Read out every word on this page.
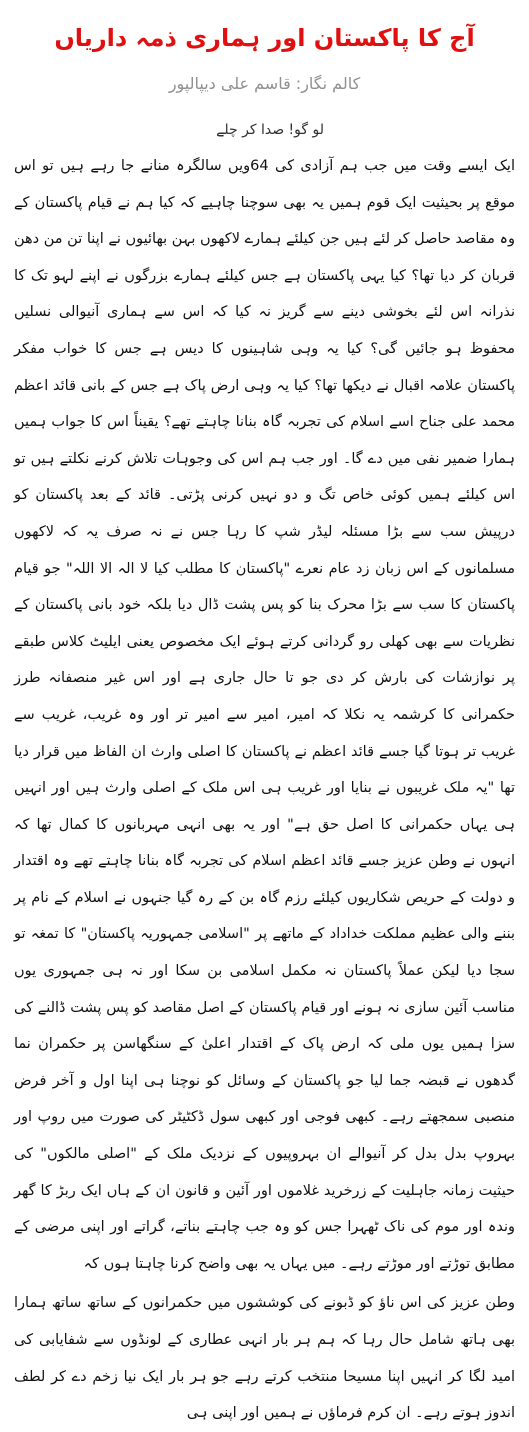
آج کا پاکستان اور ہماری ذمہ داریاں
کالم نگار: قاسم علی دیپالپور
لو گو! صدا کر چلے

ایک ایسے وقت میں جب ہم آزادی کی 64ویں سالگرہ منانے جا رہے ہیں تو اس موقع پر بحیثیت ایک قوم ہمیں یہ بھی سوچنا چاہیے کہ کیا ہم نے قیام پاکستان کے وہ مقاصد حاصل کر لئے ہیں جن کیلئے ہمارے لاکھوں بہن بھائیوں نے اپنا تن من دھن قربان کر دیا تھا؟ کیا یہی پاکستان ہے جس کیلئے ہمارے بزرگوں نے اپنے لہو تک کا نذرانہ اس لئے بخوشی دینے سے گریز نہ کیا کہ اس سے ہماری آنیوالی نسلیں محفوظ ہو جائیں گی؟ کیا یہ وہی شاہینوں کا دیس ہے جس کا خواب مفکر پاکستان علامہ اقبال نے دیکھا تھا؟ کیا یہ وہی ارض پاک ہے جس کے بانی قائد اعظم محمد علی جناح اسے اسلام کی تجربہ گاہ بنانا چاہتے تھے؟ یقیناً اس کا جواب ہمیں ہمارا ضمیر نفی میں دے گا۔ اور جب ہم اس کی وجوہات تلاش کرنے نکلتے ہیں تو اس کیلئے ہمیں کوئی خاص تگ و دو نہیں کرنی پڑتی۔ قائد کے بعد پاکستان کو درپیش سب سے بڑا مسئلہ لیڈر شپ کا رہا جس نے نہ صرف یہ کہ لاکھوں مسلمانوں کے اس زبان زد عام نعرے "پاکستان کا مطلب کیا لا الہ الا اللہ" جو قیام پاکستان کا سب سے بڑا محرک بنا کو پس پشت ڈال دیا بلکہ خود بانی پاکستان کے نظریات سے بھی کھلی رو گردانی کرتے ہوئے ایک مخصوص یعنی ایلیٹ کلاس طبقے پر نوازشات کی بارش کر دی جو تا حال جاری ہے اور اس غیر منصفانہ طرز حکمرانی کا کرشمہ یہ نکلا کہ امیر، امیر سے امیر تر اور وہ غریب، غریب سے غریب تر ہوتا گیا جسے قائد اعظم نے پاکستان کا اصلی وارث ان الفاظ میں قرار دیا تھا "یہ ملک غریبوں نے بنایا اور غریب ہی اس ملک کے اصلی وارث ہیں اور انہیں ہی یہاں حکمرانی کا اصل حق ہے" اور یہ بھی انہی مہربانوں کا کمال تھا کہ انہوں نے وطن عزیز جسے قائد اعظم اسلام کی تجربہ گاہ بنانا چاہتے تھے وہ اقتدار و دولت کے حریص شکاریوں کیلئے رزم گاہ بن کے رہ گیا جنہوں نے اسلام کے نام پر بننے والی عظیم مملکت خداداد کے ماتھے پر "اسلامی جمہوریہ پاکستان" کا تمغہ تو سجا دیا لیکن عملاً پاکستان نہ مکمل اسلامی بن سکا اور نہ ہی جمہوری یوں مناسب آئین سازی نہ ہونے اور قیام پاکستان کے اصل مقاصد کو پس پشت ڈالنے کی سزا ہمیں یوں ملی کہ ارض پاک کے اقتدار اعلیٰ کے سنگھاسن پر حکمران نما گدھوں نے قبضہ جما لیا جو پاکستان کے وسائل کو نوچنا ہی اپنا اول و آخر فرض منصبی سمجھتے رہے۔ کبھی فوجی اور کبھی سول ڈکٹیٹر کی صورت میں روپ اور بہروپ بدل بدل کر آنیوالے ان بہروپیوں کے نزدیک ملک کے "اصلی مالکوں" کی حیثیت زمانہ جاہلیت کے زرخرید غلاموں اور آئین و قانون ان کے ہاں ایک ربڑ کا گھر وندہ اور موم کی ناک ٹھہرا جس کو وہ جب چاہتے بناتے، گراتے اور اپنی مرضی کے مطابق توڑتے اور موڑتے رہے۔ میں یہاں یہ بھی واضح کرنا چاہتا ہوں کہ

وطن عزیز کی اس ناؤ کو ڈبونے کی کوششوں میں حکمرانوں کے ساتھ ساتھ ہمارا بھی ہاتھ شامل حال رہا کہ ہم ہر بار انہی عطاری کے لونڈوں سے شفایابی کی امید لگا کر انہیں اپنا مسیحا منتخب کرتے رہے جو ہر بار ایک نیا زخم دے کر لطف اندوز ہوتے رہے۔ ان کرم فرماؤں نے ہمیں اور اپنی ہی
